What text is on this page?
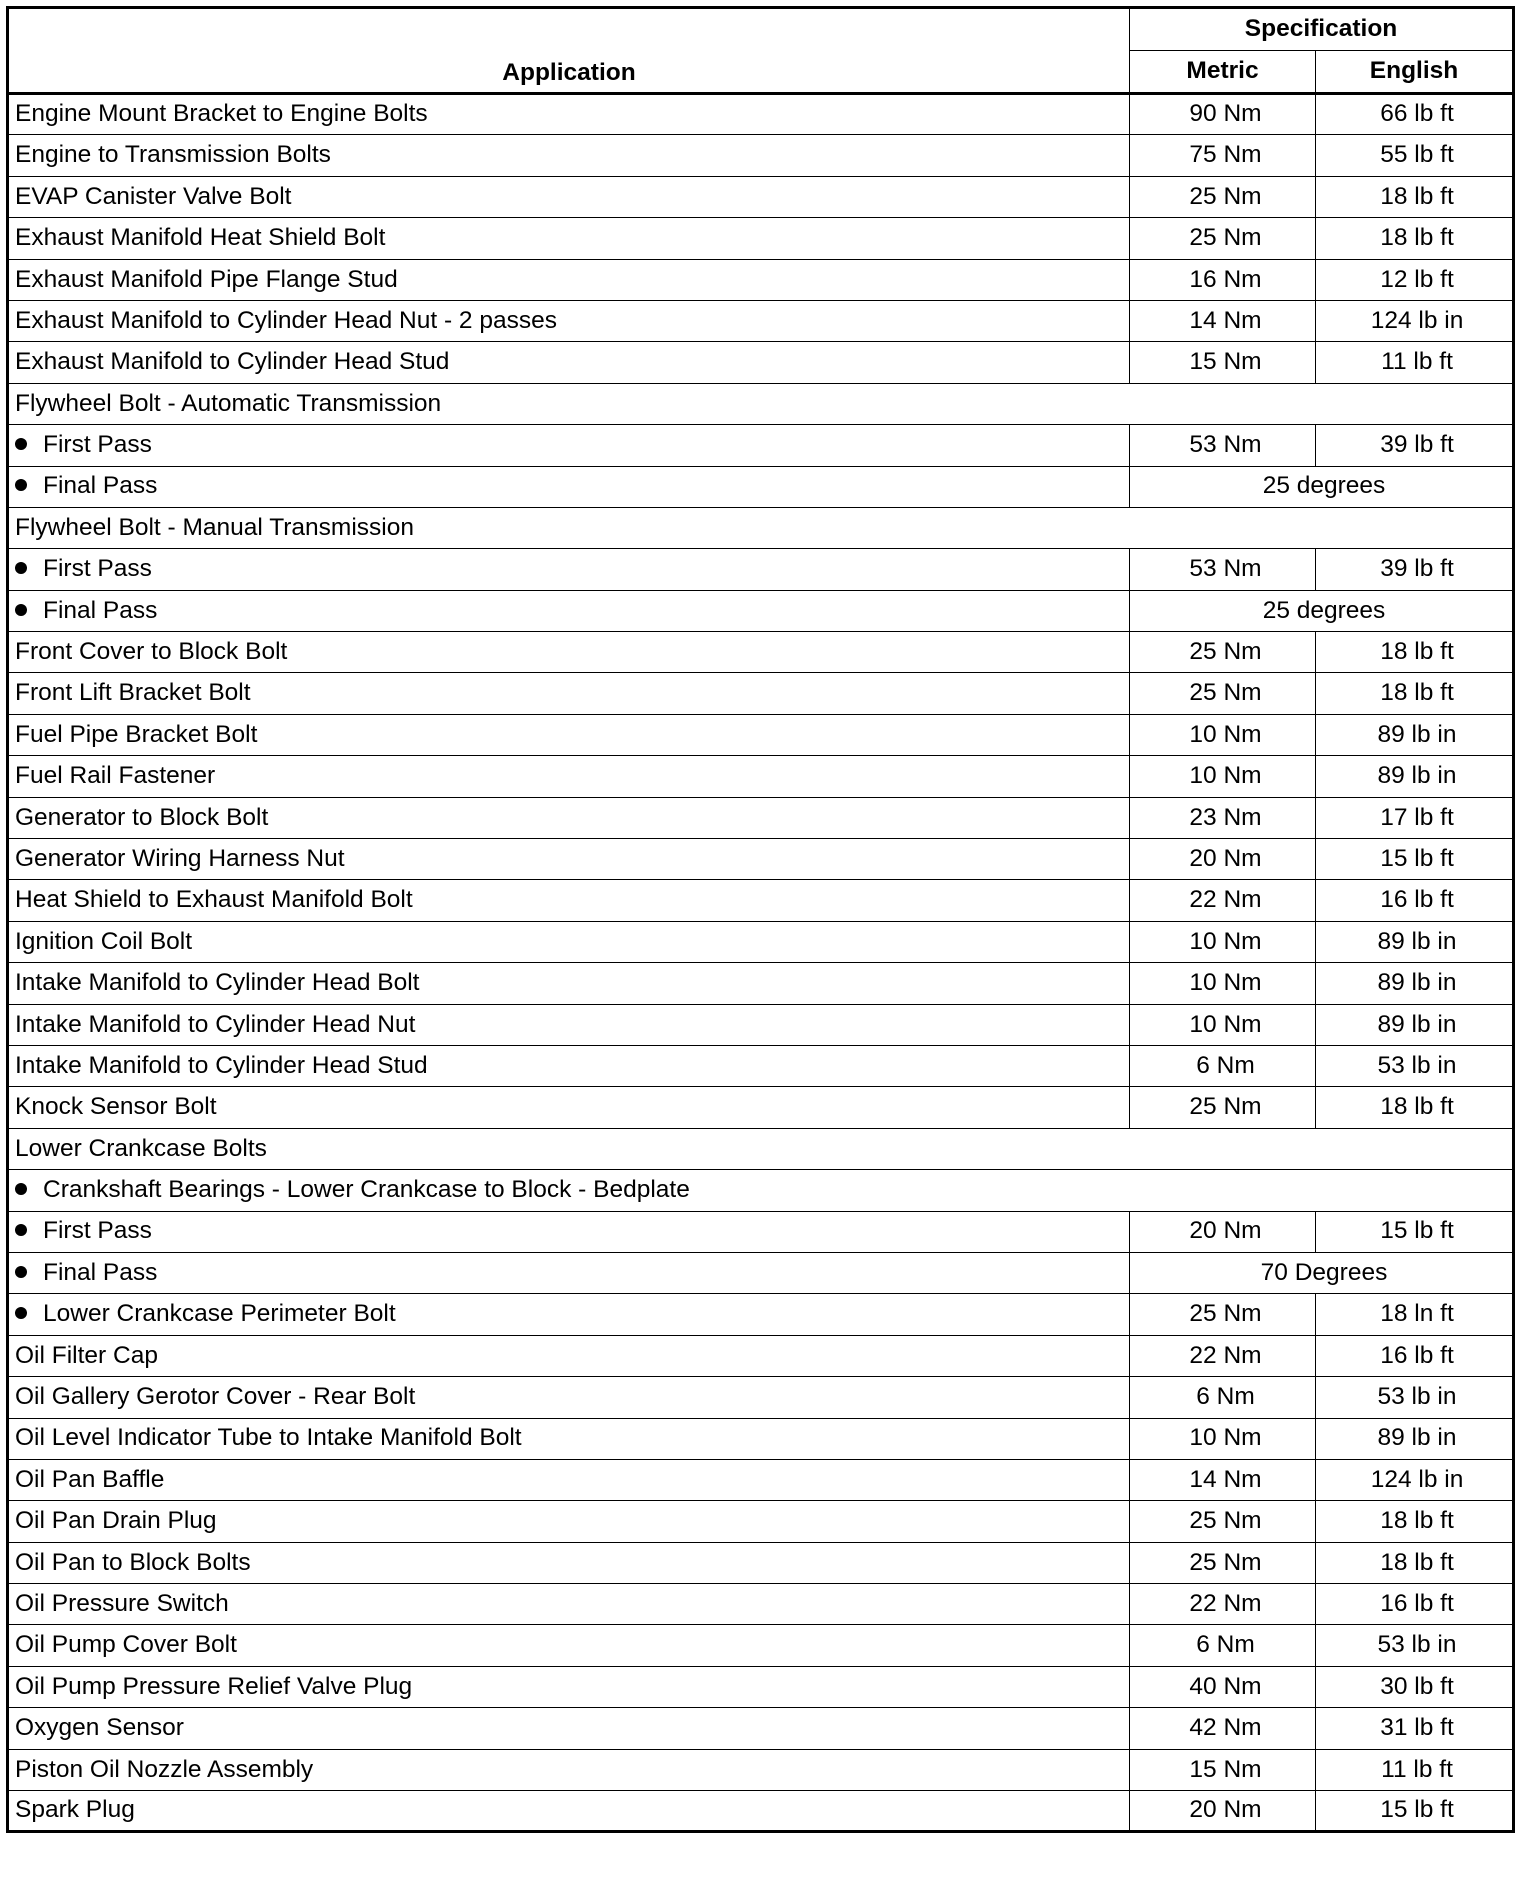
Application	Specification	
	Metric	English
Engine Mount Bracket to Engine Bolts	90 Nm	66 lb ft
Engine to Transmission Bolts	75 Nm	55 lb ft
EVAP Canister Valve Bolt	25 Nm	18 lb ft
Exhaust Manifold Heat Shield Bolt	25 Nm	18 lb ft
Exhaust Manifold Pipe Flange Stud	16 Nm	12 lb ft
Exhaust Manifold to Cylinder Head Nut - 2 passes	14 Nm	124 lb in
Exhaust Manifold to Cylinder Head Stud	15 Nm	11 lb ft
Flywheel Bolt - Automatic Transmission		
First Pass	53 Nm	39 lb ft
Final Pass	25 degrees	
Flywheel Bolt - Manual Transmission		
First Pass	53 Nm	39 lb ft
Final Pass	25 degrees	
Front Cover to Block Bolt	25 Nm	18 lb ft
Front Lift Bracket Bolt	25 Nm	18 lb ft
Fuel Pipe Bracket Bolt	10 Nm	89 lb in
Fuel Rail Fastener	10 Nm	89 lb in
Generator to Block Bolt	23 Nm	17 lb ft
Generator Wiring Harness Nut	20 Nm	15 lb ft
Heat Shield to Exhaust Manifold Bolt	22 Nm	16 lb ft
Ignition Coil Bolt	10 Nm	89 lb in
Intake Manifold to Cylinder Head Bolt	10 Nm	89 lb in
Intake Manifold to Cylinder Head Nut	10 Nm	89 lb in
Intake Manifold to Cylinder Head Stud	6 Nm	53 lb in
Knock Sensor Bolt	25 Nm	18 lb ft
Lower Crankcase Bolts		
Crankshaft Bearings - Lower Crankcase to Block - Bedplate		
First Pass	20 Nm	15 lb ft
Final Pass	70 Degrees	
Lower Crankcase Perimeter Bolt	25 Nm	18 ln ft
Oil Filter Cap	22 Nm	16 lb ft
Oil Gallery Gerotor Cover - Rear Bolt	6 Nm	53 lb in
Oil Level Indicator Tube to Intake Manifold Bolt	10 Nm	89 lb in
Oil Pan Baffle	14 Nm	124 lb in
Oil Pan Drain Plug	25 Nm	18 lb ft
Oil Pan to Block Bolts	25 Nm	18 lb ft
Oil Pressure Switch	22 Nm	16 lb ft
Oil Pump Cover Bolt	6 Nm	53 lb in
Oil Pump Pressure Relief Valve Plug	40 Nm	30 lb ft
Oxygen Sensor	42 Nm	31 lb ft
Piston Oil Nozzle Assembly	15 Nm	11 lb ft
Spark Plug	20 Nm	15 lb ft
